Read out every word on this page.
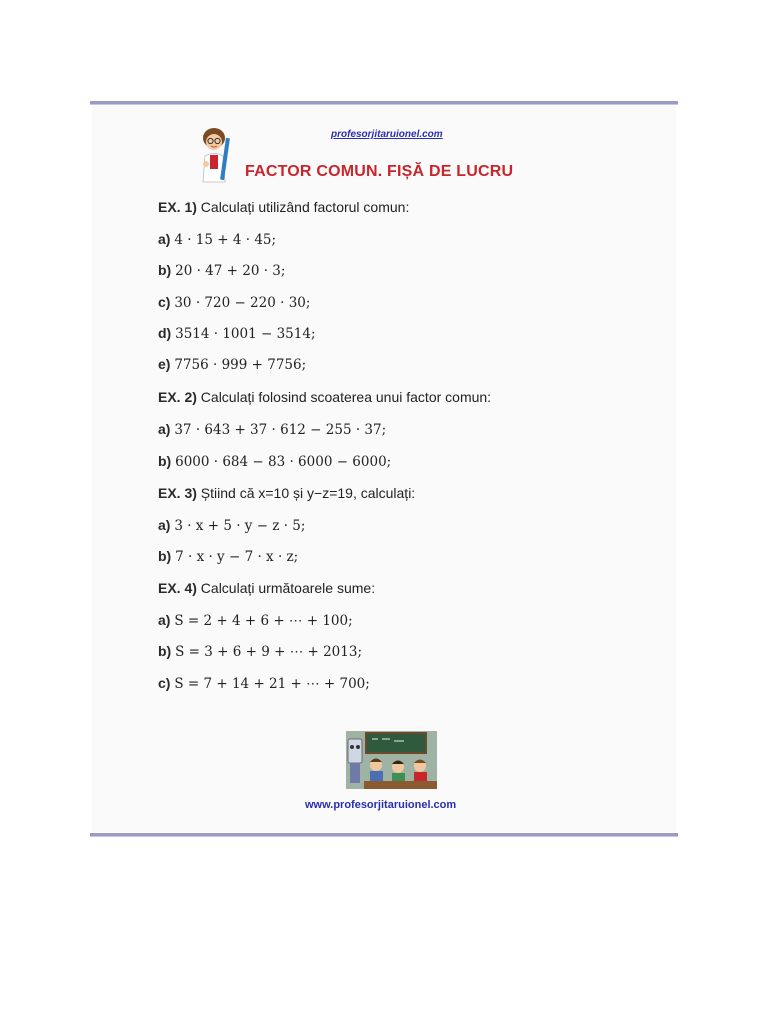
profesorjitaruionel.com
FACTOR COMUN. FIȘĂ DE LUCRU
EX. 1) Calculați utilizând factorul comun:
a) 4 · 15 + 4 · 45;
b) 20 · 47 + 20 · 3;
c) 30 · 720 − 220 · 30;
d) 3514 · 1001 − 3514;
e) 7756 · 999 + 7756;
EX. 2) Calculați folosind scoaterea unui factor comun:
a) 37 · 643 + 37 · 612 − 255 · 37;
b) 6000 · 684 − 83 · 6000 − 6000;
EX. 3) Știind că x=10 și y−z=19, calculați:
a) 3 · x + 5 · y − z · 5;
b) 7 · x · y − 7 · x · z;
EX. 4) Calculați următoarele sume:
a) S = 2 + 4 + 6 + ⋯ + 100;
b) S = 3 + 6 + 9 + ⋯ + 2013;
c) S = 7 + 14 + 21 + ⋯ + 700;
www.profesorjitaruionel.com
